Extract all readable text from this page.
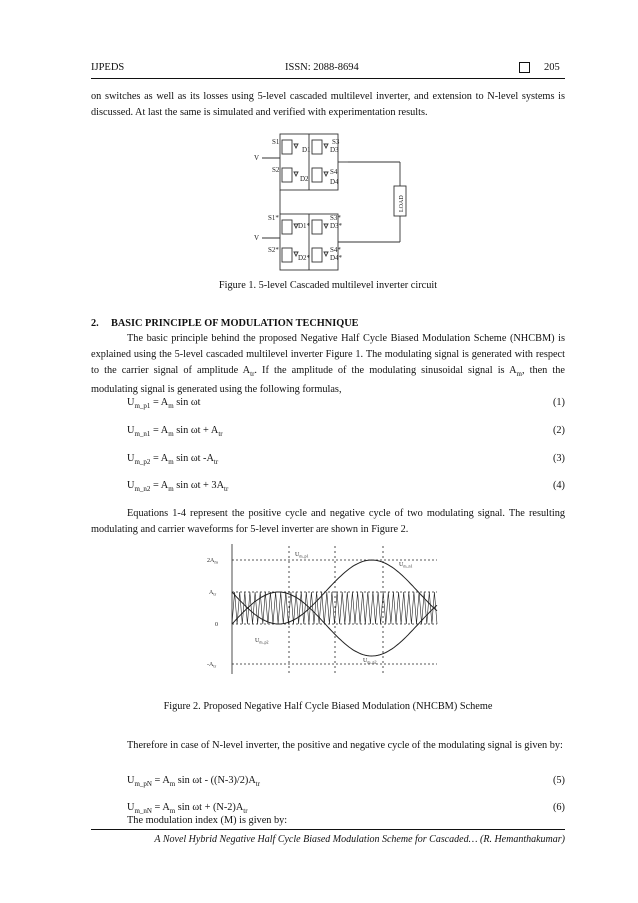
IJPEDS	ISSN: 2088-8694	205
on switches as well as its losses using 5-level cascaded multilevel inverter, and extension to N-level systems is discussed. At last the same is simulated and verified with experimentation results.
S1
D1
S3
D3
S2
D2
S4
D4
S1*
D1*
S3*
D3*
S2*
D2*
S4*
D4*
V
V
LOAD
Figure 1. 5-level Cascaded multilevel inverter circuit
2. BASIC PRINCIPLE OF MODULATION TECHNIQUE
The basic principle behind the proposed Negative Half Cycle Biased Modulation Scheme (NHCBM) is explained using the 5-level cascaded multilevel inverter Figure 1. The modulating signal is generated with respect to the carrier signal of amplitude $A_{tr}$. If the amplitude of the modulating sinusoidal signal is $A_m$, then the modulating signal is generated using the following formulas,
$U_{m\_p1} = A_m$ sin ωt	(1)
$U_{m\_n1} = A_m$ $\sin \omega t + A_{tr}$	(2)
$U_{m\_p2} = A_m$ sin ωt $-A_{tr}$	(3)
$U_{m\_n2} = A_m$ $\sin \omega t + 3A_{tr}$	(4)
Equations 1-4 represent the positive cycle and negative cycle of two modulating signal. The resulting modulating and carrier waveforms for 5-level inverter are shown in Figure 2.
$2A_m$
$A_{tr}$
0
$-A_{tr}$
$U_{m\_p1}$
$U_{m\_n1}$
$U_{m\_p2}$
$U_{m\_n2}$
Figure 2. Proposed Negative Half Cycle Biased Modulation (NHCBM) Scheme
Therefore in case of N-level inverter, the positive and negative cycle of the modulating signal is given by:
$U_{m\_pN} = A_m$ sin ωt - $((N-3)/2)A_{tr}$	(5)
$U_{m\_nN} = A_m$ $\sin \omega t + (N-2)A_{tr}$	(6)
The modulation index (M) is given by:
A Novel Hybrid Negative Half Cycle Biased Modulation Scheme for Cascaded… (R. Hemanthakumar)
